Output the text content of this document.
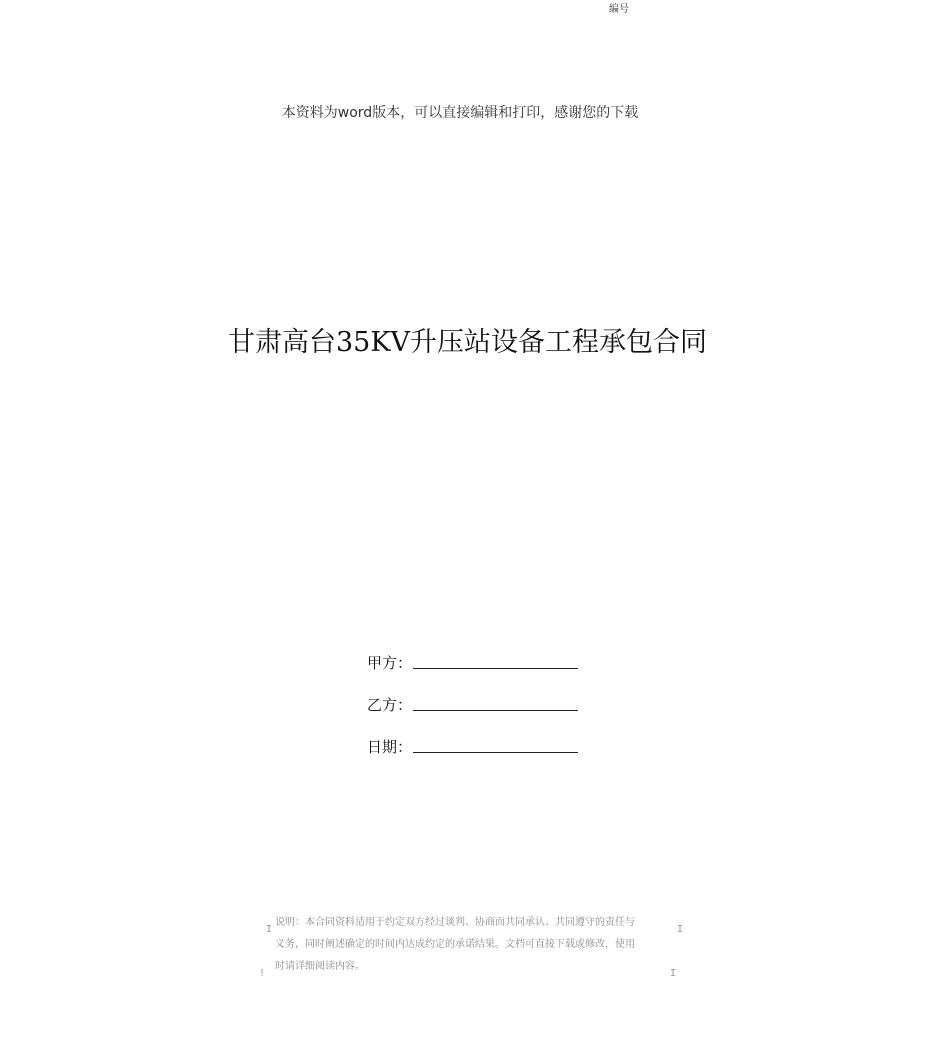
编号
本资料为word版本，可以直接编辑和打印，感谢您的下载
甘肃高台35KV升压站设备工程承包合同
甲方：
乙方：
日期：
说明：本合同资料适用于约定双方经过谈判、协商而共同承认、共同遵守的责任与
义务，同时阐述确定的时间内达成约定的承诺结果。文档可直接下载或修改，使用
时请详细阅读内容。
I	I
!	I
